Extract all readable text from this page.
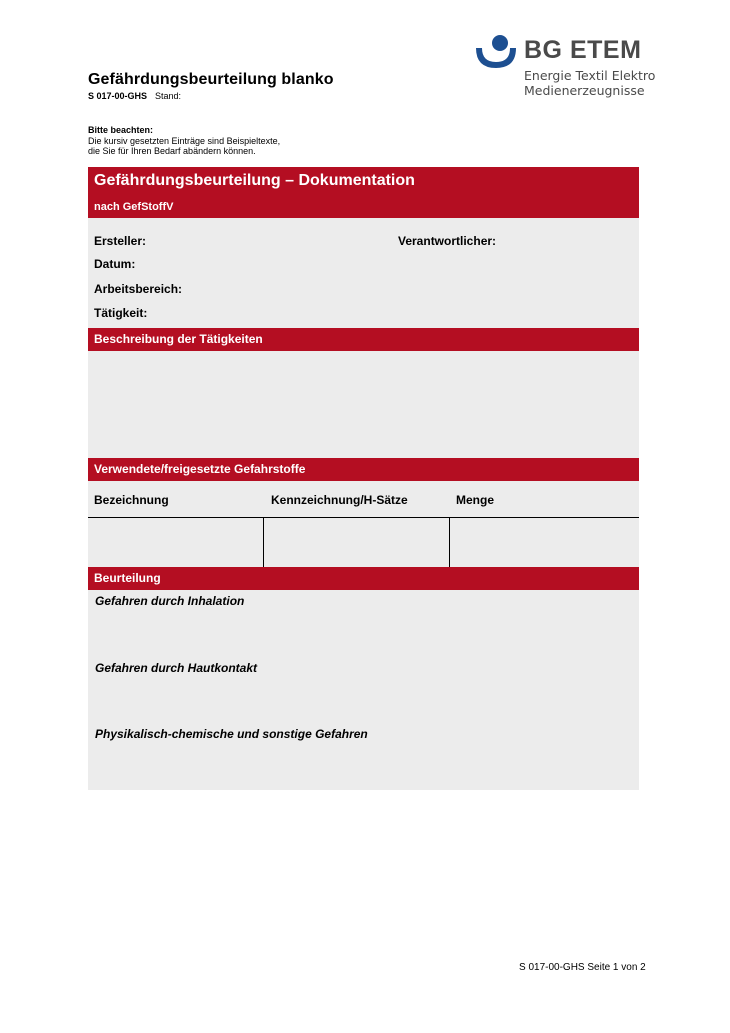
Gefährdungsbeurteilung blanko
S 017-00-GHS Stand:
BG ETEM
Energie Textil Elektro
Medienerzeugnisse
Bitte beachten:
Die kursiv gesetzten Einträge sind Beispieltexte,
die Sie für Ihren Bedarf abändern können.
Gefährdungsbeurteilung – Dokumentation
nach GefStoffV
Ersteller:	Verantwortlicher:
Datum:
Arbeitsbereich:
Tätigkeit:
Beschreibung der Tätigkeiten
Verwendete/freigesetzte Gefahrstoffe
Bezeichnung	Kennzeichnung/H-Sätze	Menge
Beurteilung
Gefahren durch Inhalation
Gefahren durch Hautkontakt
Physikalisch-chemische und sonstige Gefahren
S 017-00-GHS Seite 1 von 2
